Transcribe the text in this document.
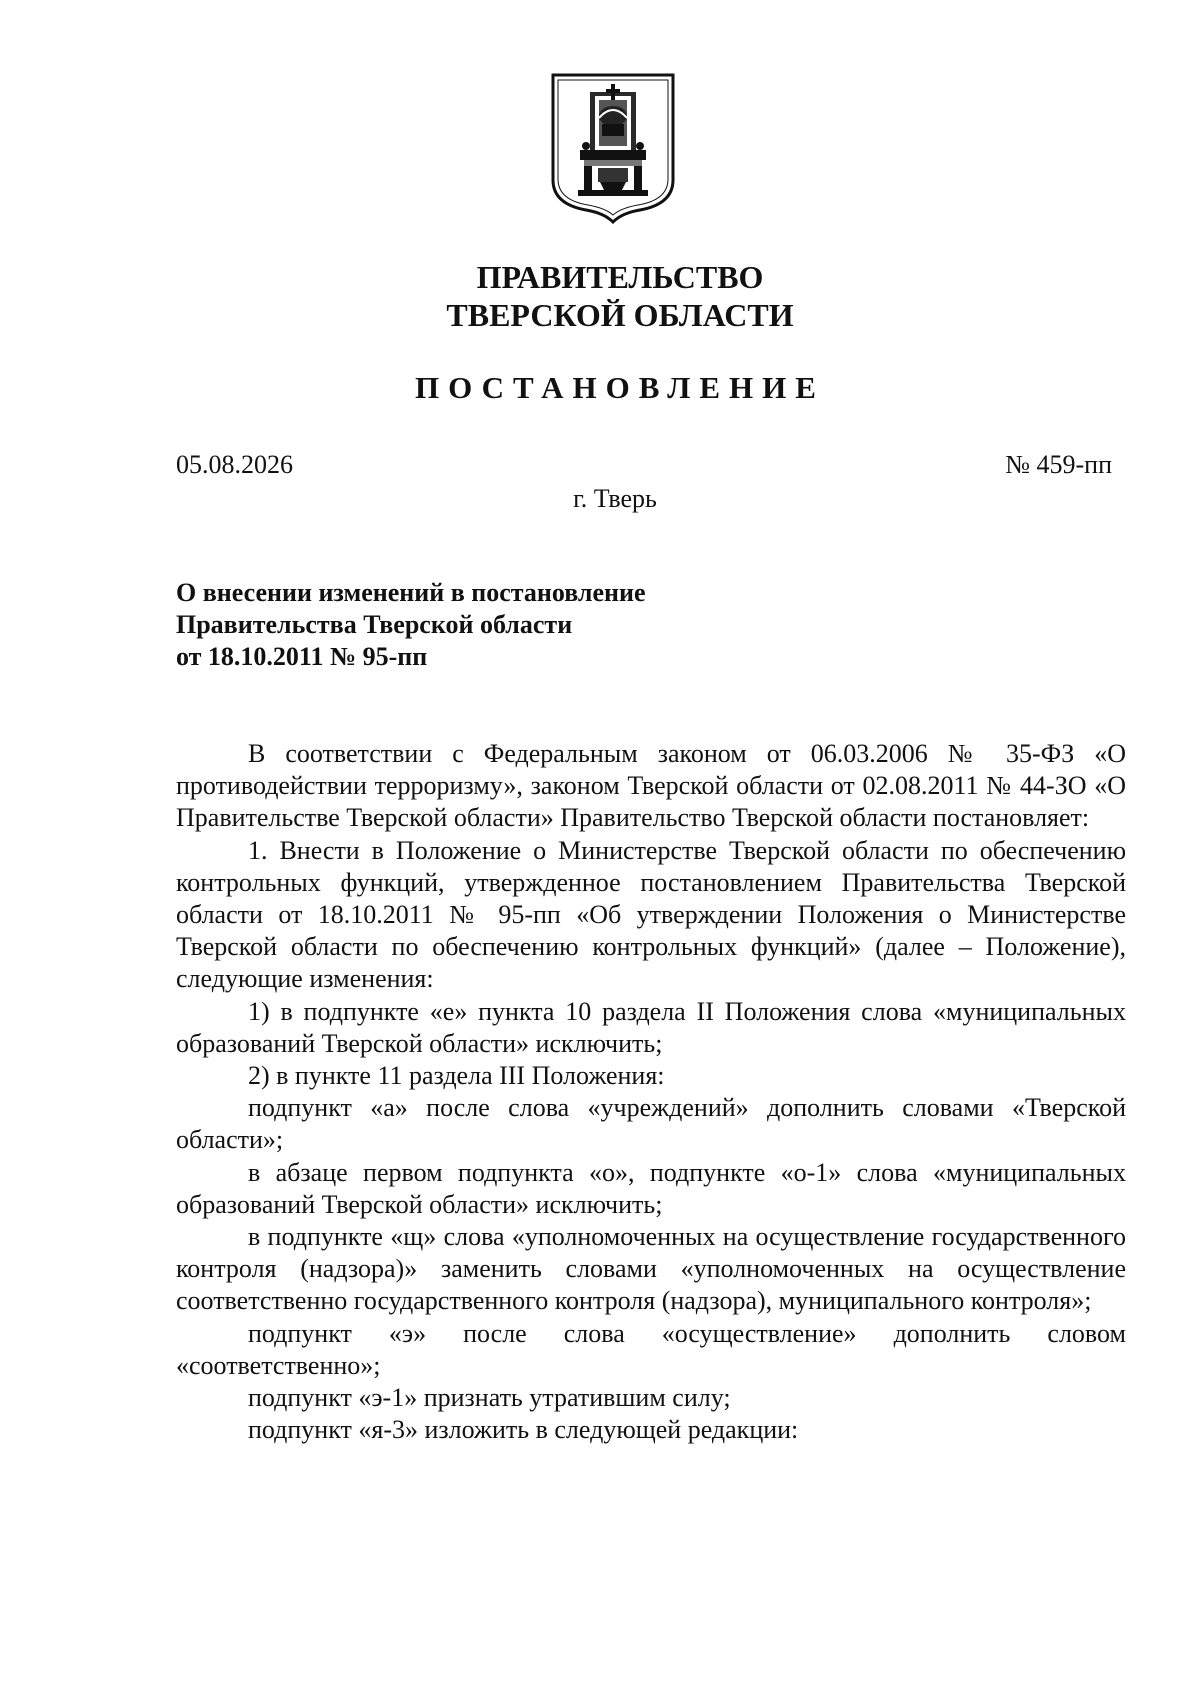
ПРАВИТЕЛЬСТВО
ТВЕРСКОЙ ОБЛАСТИ
ПОСТАНОВЛЕНИЕ
05.08.2026	№ 459-пп
г. Тверь
О внесении изменений в постановление
Правительства Тверской области
от 18.10.2011 № 95-пп

В соответствии с Федеральным законом от 06.03.2006 № 35-ФЗ «О противодействии терроризму», законом Тверской области от 02.08.2011 № 44-ЗО «О Правительстве Тверской области» Правительство Тверской области постановляет:

1. Внести в Положение о Министерстве Тверской области по обеспечению контрольных функций, утвержденное постановлением Правительства Тверской области от 18.10.2011 № 95-пп «Об утверждении Положения о Министерстве Тверской области по обеспечению контрольных функций» (далее – Положение), следующие изменения:

1) в подпункте «е» пункта 10 раздела II Положения слова «муниципальных образований Тверской области» исключить;

2) в пункте 11 раздела III Положения:

подпункт «а» после слова «учреждений» дополнить словами «Тверской области»;

в абзаце первом подпункта «о», подпункте «о-1» слова «муниципальных образований Тверской области» исключить;

в подпункте «щ» слова «уполномоченных на осуществление государственного контроля (надзора)» заменить словами «уполномоченных на осуществление соответственно государственного контроля (надзора), муниципального контроля»;

подпункт «э» после слова «осуществление» дополнить словом «соответственно»;

подпункт «э-1» признать утратившим силу;

подпункт «я-3» изложить в следующей редакции:
